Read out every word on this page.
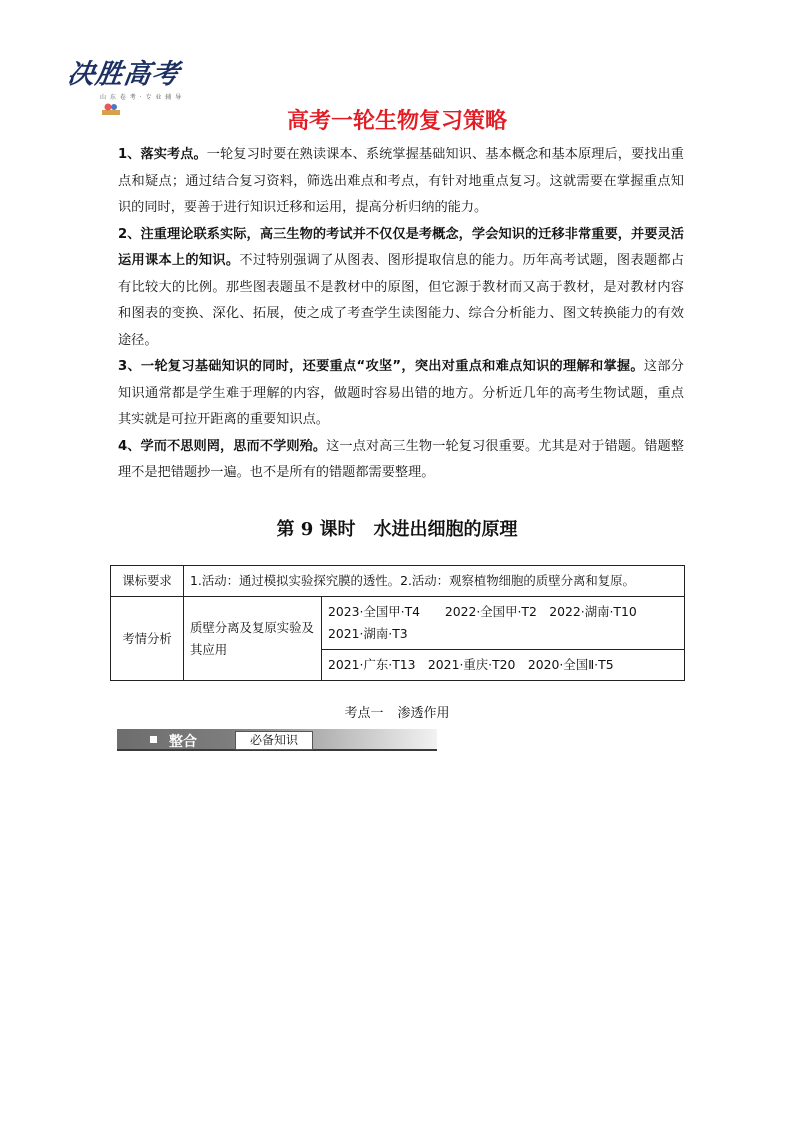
决胜高考
山 东 卷 考 · 专 业 辅 导
高考一轮生物复习策略

1、落实考点。一轮复习时要在熟读课本、系统掌握基础知识、基本概念和基本原理后，要找出重点和疑点；通过结合复习资料，筛选出难点和考点，有针对地重点复习。这就需要在掌握重点知识的同时，要善于进行知识迁移和运用，提高分析归纳的能力。

2、注重理论联系实际，高三生物的考试并不仅仅是考概念，学会知识的迁移非常重要，并要灵活运用课本上的知识。不过特别强调了从图表、图形提取信息的能力。历年高考试题，图表题都占有比较大的比例。那些图表题虽不是教材中的原图，但它源于教材而又高于教材，是对教材内容和图表的变换、深化、拓展，使之成了考查学生读图能力、综合分析能力、图文转换能力的有效途径。

3、一轮复习基础知识的同时，还要重点“攻坚”，突出对重点和难点知识的理解和掌握。这部分知识通常都是学生难于理解的内容，做题时容易出错的地方。分析近几年的高考生物试题，重点其实就是可拉开距离的重要知识点。

4、学而不思则罔，思而不学则殆。这一点对高三生物一轮复习很重要。尤其是对于错题。错题整理不是把错题抄一遍。也不是所有的错题都需要整理。

第 9 课时 水进出细胞的原理
课标要求	1.活动：通过模拟实验探究膜的透性。2.活动：观察植物细胞的质壁分离和复原。	
考情分析	质壁分离及复原实验及其应用	2023·全国甲·T4　　2022·全国甲·T2　2022·湖南·T10　2021·湖南·T3
		2021·广东·T13　2021·重庆·T20　2020·全国Ⅱ·T5
考点一 渗透作用
整合	必备知识
